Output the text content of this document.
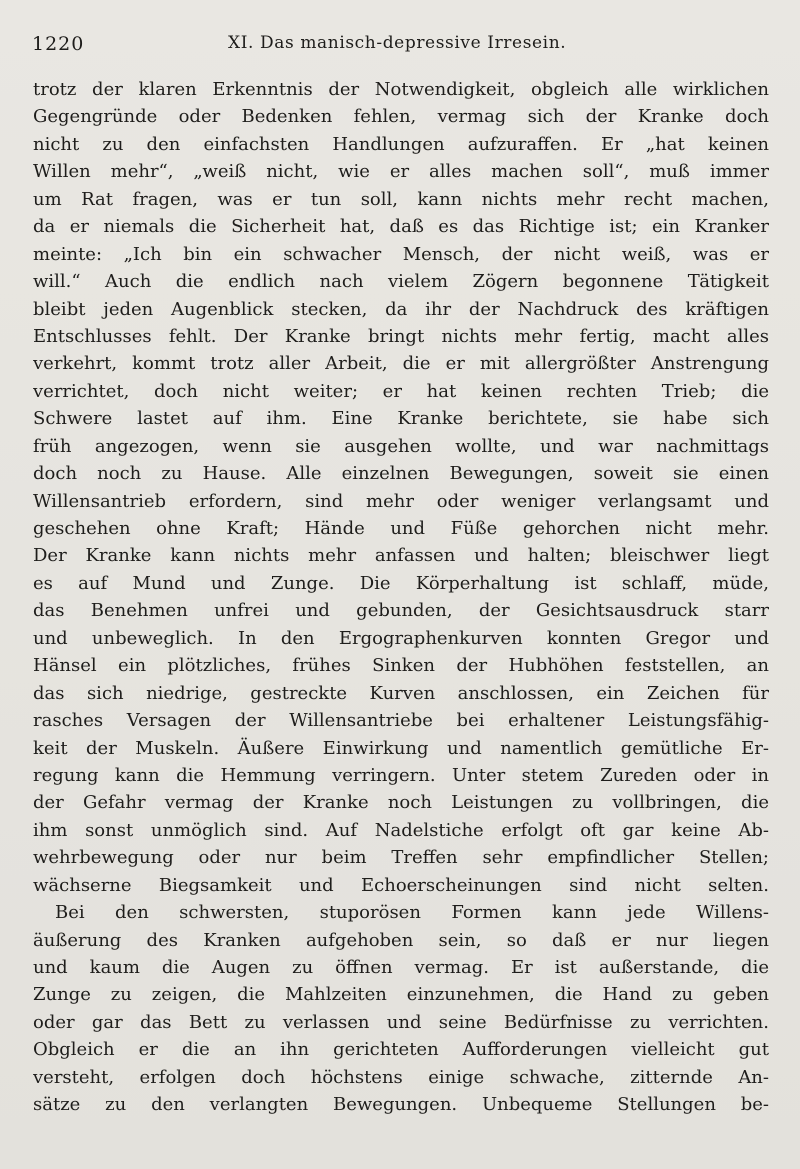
1220	XI. Das manisch-depressive Irresein.
trotz der klaren Erkenntnis der Notwendigkeit, obgleich alle wirklichen
Gegengründe oder Bedenken fehlen, vermag sich der Kranke doch
nicht zu den einfachsten Handlungen aufzuraffen. Er „hat keinen
Willen mehr“, „weiß nicht, wie er alles machen soll“, muß immer
um Rat fragen, was er tun soll, kann nichts mehr recht machen,
da er niemals die Sicherheit hat, daß es das Richtige ist; ein Kranker
meinte: „Ich bin ein schwacher Mensch, der nicht weiß, was er
will.“ Auch die endlich nach vielem Zögern begonnene Tätigkeit
bleibt jeden Augenblick stecken, da ihr der Nachdruck des kräftigen
Entschlusses fehlt. Der Kranke bringt nichts mehr fertig, macht alles
verkehrt, kommt trotz aller Arbeit, die er mit allergrößter Anstrengung
verrichtet, doch nicht weiter; er hat keinen rechten Trieb; die
Schwere lastet auf ihm. Eine Kranke berichtete, sie habe sich
früh angezogen, wenn sie ausgehen wollte, und war nachmittags
doch noch zu Hause. Alle einzelnen Bewegungen, soweit sie einen
Willensantrieb erfordern, sind mehr oder weniger verlangsamt und
geschehen ohne Kraft; Hände und Füße gehorchen nicht mehr.
Der Kranke kann nichts mehr anfassen und halten; bleischwer liegt
es auf Mund und Zunge. Die Körperhaltung ist schlaff, müde,
das Benehmen unfrei und gebunden, der Gesichtsausdruck starr
und unbeweglich. In den Ergographenkurven konnten Gregor und
Hänsel ein plötzliches, frühes Sinken der Hubhöhen feststellen, an
das sich niedrige, gestreckte Kurven anschlossen, ein Zeichen für
rasches Versagen der Willensantriebe bei erhaltener Leistungsfähig-
keit der Muskeln. Äußere Einwirkung und namentlich gemütliche Er-
regung kann die Hemmung verringern. Unter stetem Zureden oder in
der Gefahr vermag der Kranke noch Leistungen zu vollbringen, die
ihm sonst unmöglich sind. Auf Nadelstiche erfolgt oft gar keine Ab-
wehrbewegung oder nur beim Treffen sehr empfindlicher Stellen;
wächserne Biegsamkeit und Echoerscheinungen sind nicht selten.
Bei den schwersten, stuporösen Formen kann jede Willens-
äußerung des Kranken aufgehoben sein, so daß er nur liegen
und kaum die Augen zu öffnen vermag. Er ist außerstande, die
Zunge zu zeigen, die Mahlzeiten einzunehmen, die Hand zu geben
oder gar das Bett zu verlassen und seine Bedürfnisse zu verrichten.
Obgleich er die an ihn gerichteten Aufforderungen vielleicht gut
versteht, erfolgen doch höchstens einige schwache, zitternde An-
sätze zu den verlangten Bewegungen. Unbequeme Stellungen be-
